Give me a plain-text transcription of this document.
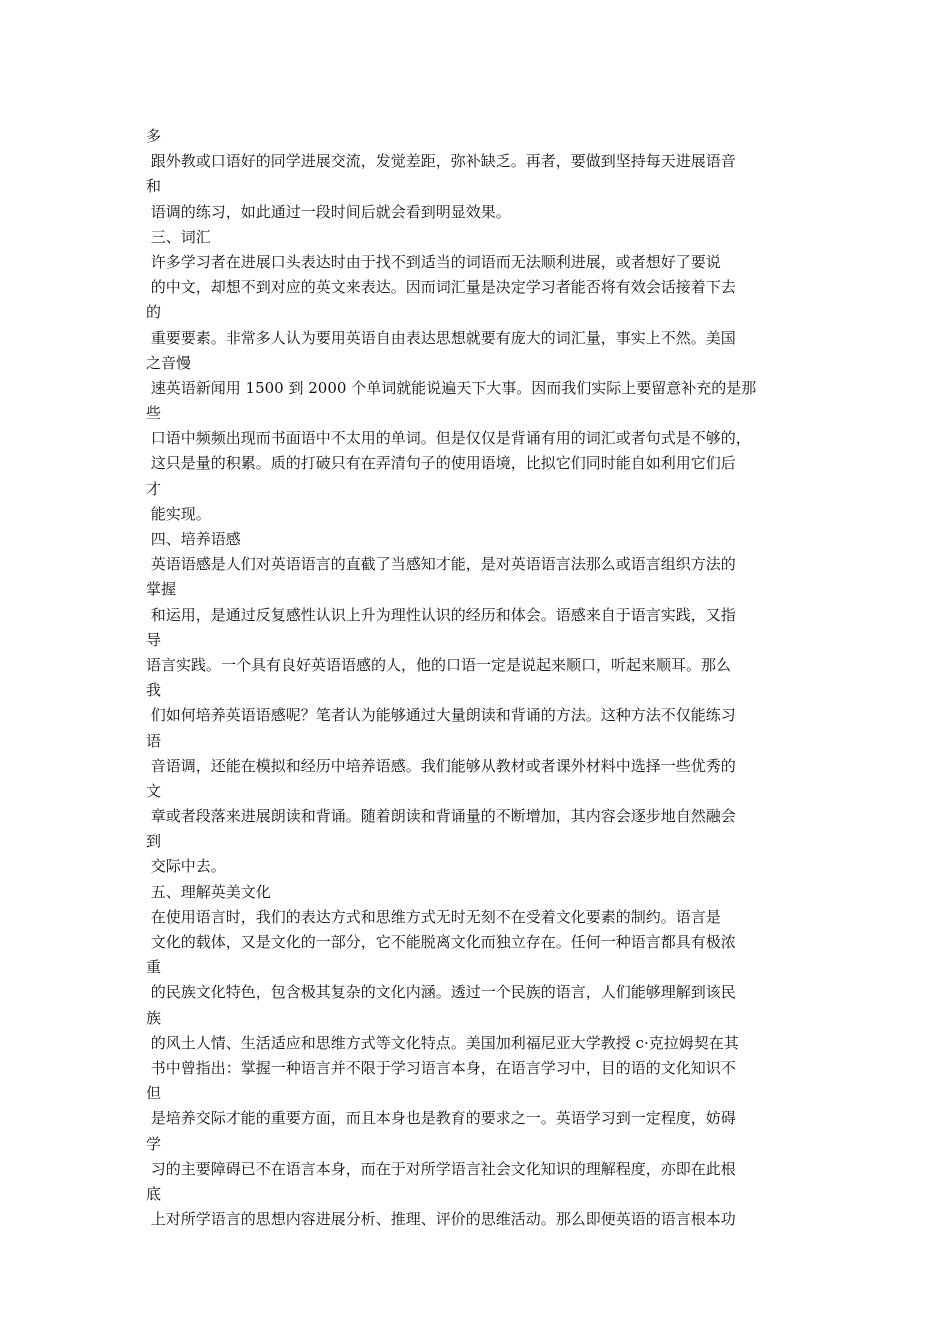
多
跟外教或口语好的同学进展交流，发觉差距，弥补缺乏。再者，要做到坚持每天进展语音
和
语调的练习，如此通过一段时间后就会看到明显效果。
三、词汇
许多学习者在进展口头表达时由于找不到适当的词语而无法顺利进展，或者想好了要说
的中文，却想不到对应的英文来表达。因而词汇量是决定学习者能否将有效会话接着下去
的
重要要素。非常多人认为要用英语自由表达思想就要有庞大的词汇量，事实上不然。美国
之音慢
速英语新闻用 1500 到 2000 个单词就能说遍天下大事。因而我们实际上要留意补充的是那
些
口语中频频出现而书面语中不太用的单词。但是仅仅是背诵有用的词汇或者句式是不够的，
这只是量的积累。质的打破只有在弄清句子的使用语境，比拟它们同时能自如利用它们后
才
能实现。
四、培养语感
英语语感是人们对英语语言的直截了当感知才能，是对英语语言法那么或语言组织方法的
掌握
和运用，是通过反复感性认识上升为理性认识的经历和体会。语感来自于语言实践，又指
导
语言实践。一个具有良好英语语感的人，他的口语一定是说起来顺口，听起来顺耳。那么
我
们如何培养英语语感呢？笔者认为能够通过大量朗读和背诵的方法。这种方法不仅能练习
语
音语调，还能在模拟和经历中培养语感。我们能够从教材或者课外材料中选择一些优秀的
文
章或者段落来进展朗读和背诵。随着朗读和背诵量的不断增加，其内容会逐步地自然融会
到
交际中去。
五、理解英美文化
在使用语言时，我们的表达方式和思维方式无时无刻不在受着文化要素的制约。语言是
文化的载体，又是文化的一部分，它不能脱离文化而独立存在。任何一种语言都具有极浓
重
的民族文化特色，包含极其复杂的文化内涵。透过一个民族的语言，人们能够理解到该民
族
的风土人情、生活适应和思维方式等文化特点。美国加利福尼亚大学教授 c·克拉姆契在其
书中曾指出：掌握一种语言并不限于学习语言本身，在语言学习中，目的语的文化知识不
但
是培养交际才能的重要方面，而且本身也是教育的要求之一。英语学习到一定程度，妨碍
学
习的主要障碍已不在语言本身，而在于对所学语言社会文化知识的理解程度，亦即在此根
底
上对所学语言的思想内容进展分析、推理、评价的思维活动。那么即便英语的语言根本功
